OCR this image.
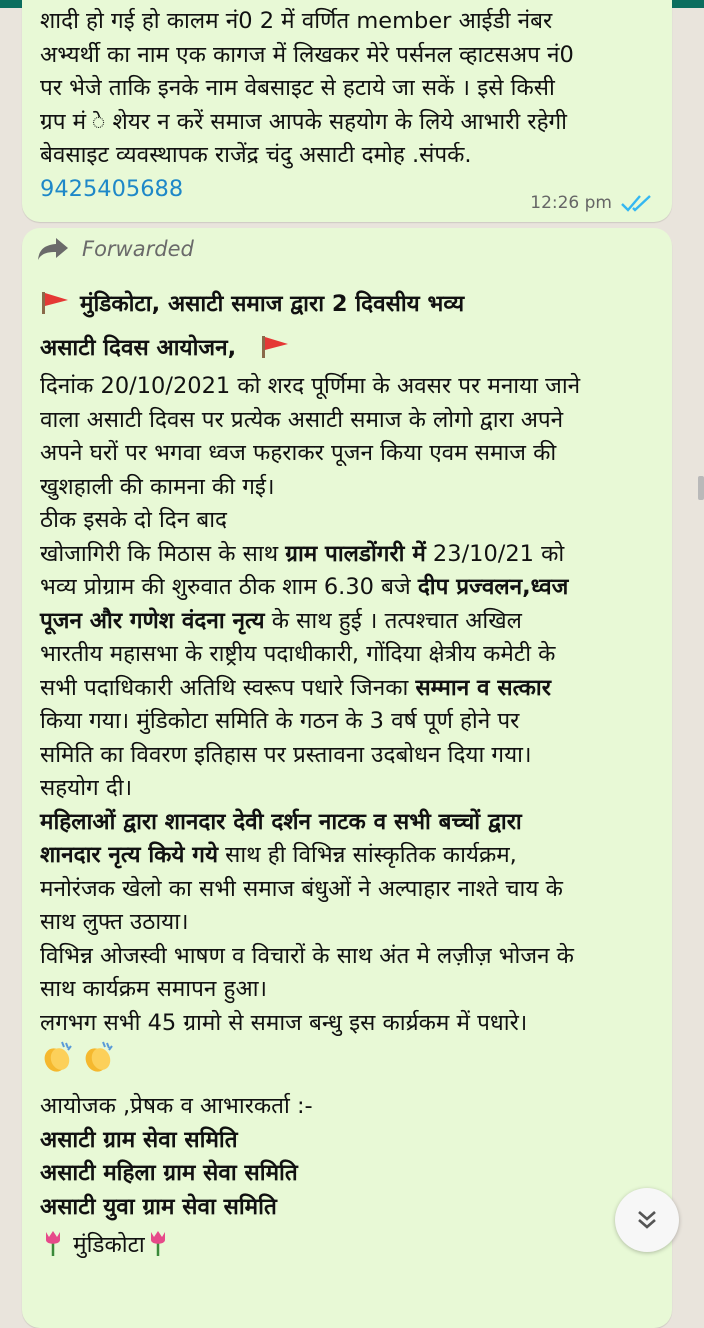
शादी हो गई हो कालम नं0 2 में वर्णित member आईडी नंबर
अभ्यर्थी का नाम एक कागज में लिखकर मेरे पर्सनल व्हाटसअप नं0
पर भेजे ताकि इनके नाम वेबसाइट से हटाये जा सकें । इसे किसी
ग्रप मं े शेयर न करें समाज आपके सहयोग के लिये आभारी रहेगी
बेवसाइट व्यवस्थापक राजेंद्र चंदु असाटी दमोह .संपर्क.
9425405688
12:26 pm
Forwarded
मुंडिकोटा, असाटी समाज द्वारा 2 दिवसीय भव्य
असाटी दिवस आयोजन,
दिनांक 20/10/2021 को शरद पूर्णिमा के अवसर पर मनाया जाने
वाला असाटी दिवस पर प्रत्येक असाटी समाज के लोगो द्वारा अपने
अपने घरों पर भगवा ध्वज फहराकर पूजन किया एवम समाज की
खुशहाली की कामना की गई।
ठीक इसके दो दिन बाद
खोजागिरी कि मिठास के साथ ग्राम पालडोंगरी में 23/10/21 को
भव्य प्रोग्राम की शुरुवात ठीक शाम 6.30 बजे दीप प्रज्वलन,ध्वज
पूजन और गणेश वंदना नृत्य के साथ हुई । तत्पश्चात अखिल
भारतीय महासभा के राष्ट्रीय पदाधीकारी, गोंदिया क्षेत्रीय कमेटी के
सभी पदाधिकारी अतिथि स्वरूप पधारे जिनका सम्मान व सत्कार
किया गया। मुंडिकोटा समिति के गठन के 3 वर्ष पूर्ण होने पर
समिति का विवरण इतिहास पर प्रस्तावना उदबोधन दिया गया।
सहयोग दी।
महिलाओं द्वारा शानदार देवी दर्शन नाटक व सभी बच्चों द्वारा
शानदार नृत्य किये गये साथ ही विभिन्न सांस्कृतिक कार्यक्रम,
मनोरंजक खेलो का सभी समाज बंधुओं ने अल्पाहार नाश्ते चाय के
साथ लुफ्त उठाया।
विभिन्न ओजस्वी भाषण व विचारों के साथ अंत मे लज़ीज़ भोजन के
साथ कार्यक्रम समापन हुआ।
लगभग सभी 45 ग्रामो से समाज बन्धु इस कार्य्रकम में पधारे।

आयोजक ,प्रेषक व आभारकर्ता :-
असाटी ग्राम सेवा समिति
असाटी महिला ग्राम सेवा समिति
असाटी युवा ग्राम सेवा समिति
मुंडिकोटा
